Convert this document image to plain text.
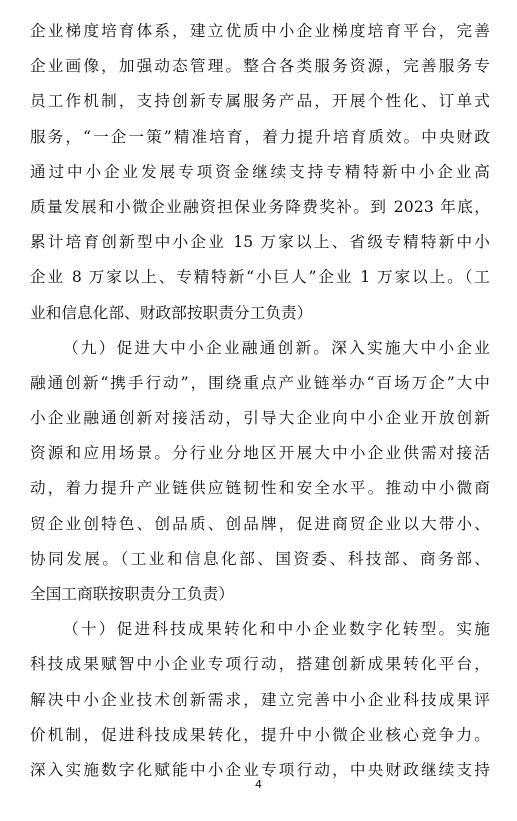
企业梯度培育体系，建立优质中小企业梯度培育平台，完善
企业画像，加强动态管理。整合各类服务资源，完善服务专
员工作机制，支持创新专属服务产品，开展个性化、订单式
服务，“一企一策”精准培育，着力提升培育质效。中央财政
通过中小企业发展专项资金继续支持专精特新中小企业高
质量发展和小微企业融资担保业务降费奖补。到 2023 年底，
累计培育创新型中小企业 15 万家以上、省级专精特新中小
企业 8 万家以上、专精特新“小巨人”企业 1 万家以上。（工
业和信息化部、财政部按职责分工负责）
（九）促进大中小企业融通创新。深入实施大中小企业
融通创新“携手行动”，围绕重点产业链举办“百场万企”大中
小企业融通创新对接活动，引导大企业向中小企业开放创新
资源和应用场景。分行业分地区开展大中小企业供需对接活
动，着力提升产业链供应链韧性和安全水平。推动中小微商
贸企业创特色、创品质、创品牌，促进商贸企业以大带小、
协同发展。（工业和信息化部、国资委、科技部、商务部、
全国工商联按职责分工负责）
（十）促进科技成果转化和中小企业数字化转型。实施
科技成果赋智中小企业专项行动，搭建创新成果转化平台，
解决中小企业技术创新需求，建立完善中小企业科技成果评
价机制，促进科技成果转化，提升中小微企业核心竞争力。
深入实施数字化赋能中小企业专项行动，中央财政继续支持
4
